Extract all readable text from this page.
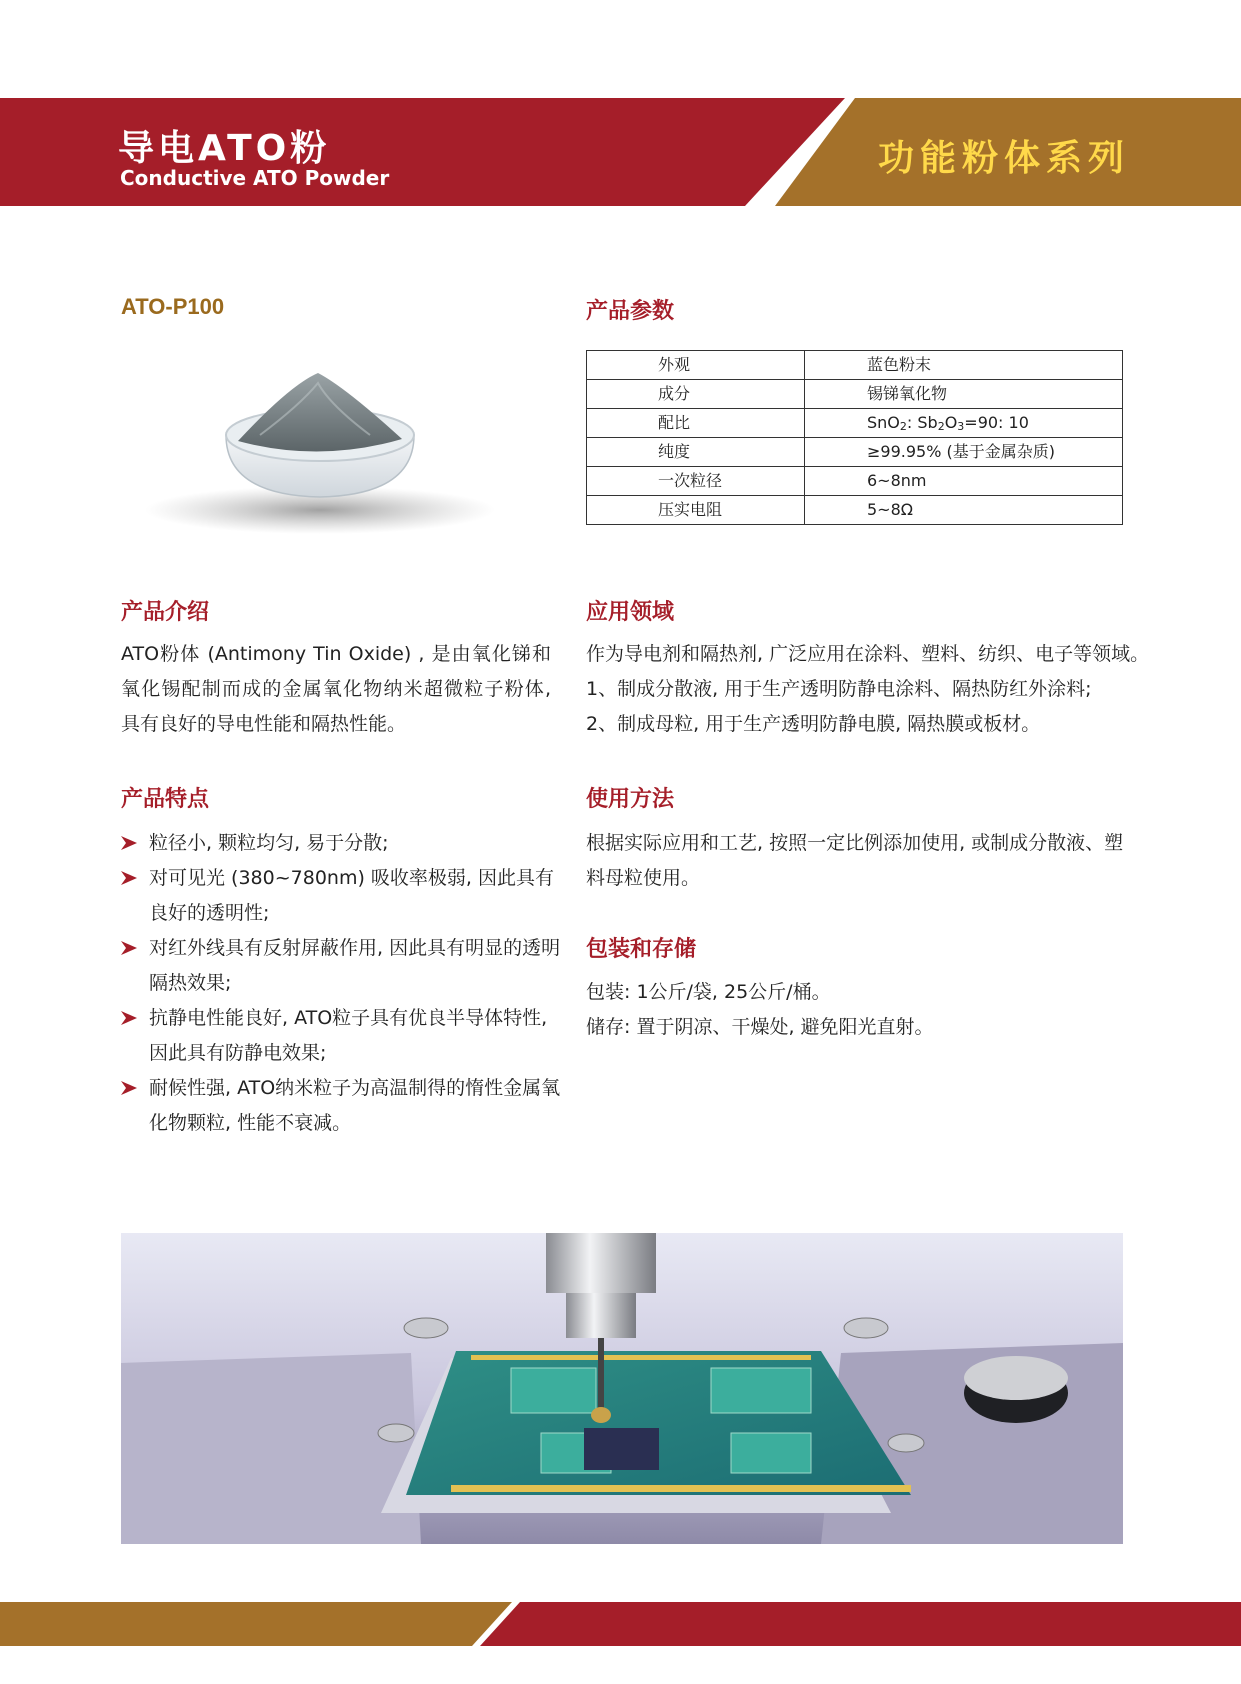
导电ATO粉
Conductive ATO Powder	功能粉体系列
ATO-P100	产品参数
外观	蓝色粉末
成分	锡锑氧化物
配比	SnO$_2$: $Sb_2O_3=90$: 10
纯度	≥99.95% (基于金属杂质)
一次粒径	6~8nm
压实电阻	5~8Ω
产品介绍
ATO粉体 (Antimony Tin Oxide) , 是由氧化锑和氧化锡配制而成的金属氧化物纳米超微粒子粉体, 具有良好的导电性能和隔热性能。
应用领域
作为导电剂和隔热剂, 广泛应用在涂料、塑料、纺织、电子等领域。
1、制成分散液, 用于生产透明防静电涂料、隔热防红外涂料;
2、制成母粒, 用于生产透明防静电膜, 隔热膜或板材。
产品特点
粒径小, 颗粒均匀, 易于分散;
对可见光 (380~780nm) 吸收率极弱, 因此具有良好的透明性;
对红外线具有反射屏蔽作用, 因此具有明显的透明隔热效果;
抗静电性能良好, ATO粒子具有优良半导体特性, 因此具有防静电效果;
耐候性强, ATO纳米粒子为高温制得的惰性金属氧化物颗粒, 性能不衰减。
使用方法
根据实际应用和工艺, 按照一定比例添加使用, 或制成分散液、塑料母粒使用。
包装和存储
包装: 1公斤/袋, 25公斤/桶。
储存: 置于阴凉、干燥处, 避免阳光直射。
